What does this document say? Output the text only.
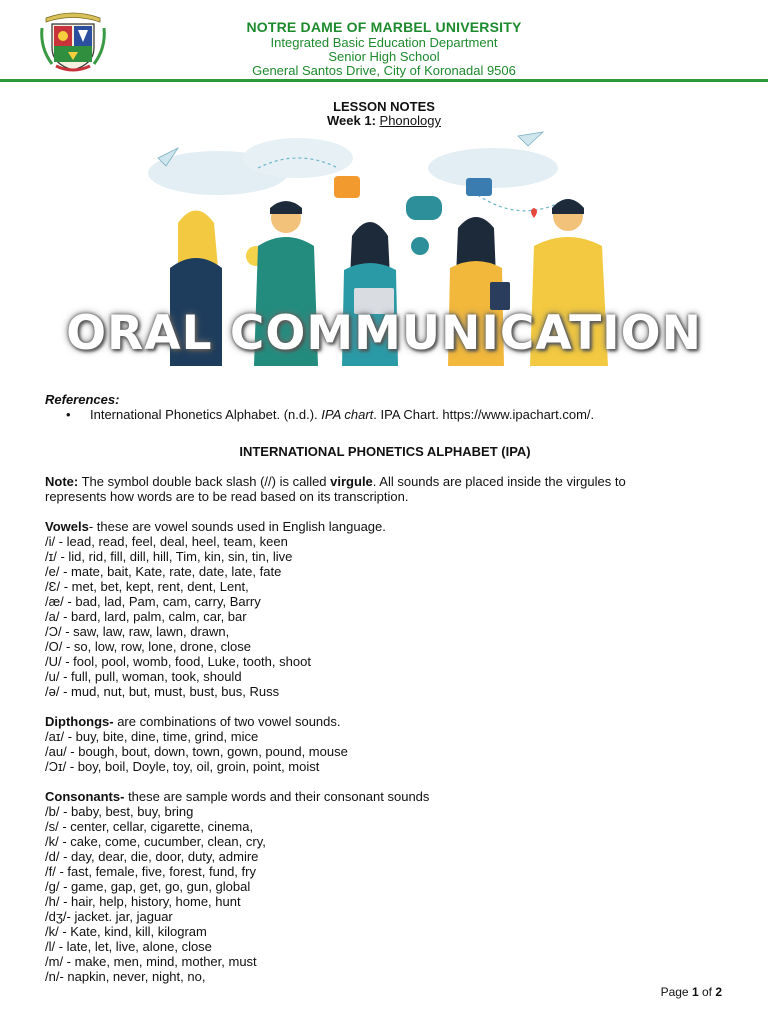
NOTRE DAME OF MARBEL UNIVERSITY
Integrated Basic Education Department
Senior High School
General Santos Drive, City of Koronadal 9506
LESSON NOTES
Week 1: Phonology
ORAL COMMUNICATION
References:
• International Phonetics Alphabet. (n.d.). IPA chart. IPA Chart. https://www.ipachart.com/.
INTERNATIONAL PHONETICS ALPHABET (IPA)
Note: The symbol double back slash (//) is called virgule. All sounds are placed inside the virgules to
represents how words are to be read based on its transcription.
Vowels- these are vowel sounds used in English language.
/i/ - lead, read, feel, deal, heel, team, keen
/ɪ/ - lid, rid, fill, dill, hill, Tim, kin, sin, tin, live
/e/ - mate, bait, Kate, rate, date, late, fate
/Ɛ/ - met, bet, kept, rent, dent, Lent,
/æ/ - bad, lad, Pam, cam, carry, Barry
/a/ - bard, lard, palm, calm, car, bar
/Ɔ/ - saw, law, raw, lawn, drawn,
/O/ - so, low, row, lone, drone, close
/U/ - fool, pool, womb, food, Luke, tooth, shoot
/u/ - full, pull, woman, took, should
/ə/ - mud, nut, but, must, bust, bus, Russ
Dipthongs- are combinations of two vowel sounds.
/aɪ/ - buy, bite, dine, time, grind, mice
/au/ - bough, bout, down, town, gown, pound, mouse
/Ɔɪ/ - boy, boil, Doyle, toy, oil, groin, point, moist
Consonants- these are sample words and their consonant sounds
/b/ - baby, best, buy, bring
/s/ - center, cellar, cigarette, cinema,
/k/ - cake, come, cucumber, clean, cry,
/d/ - day, dear, die, door, duty, admire
/f/ - fast, female, five, forest, fund, fry
/g/ - game, gap, get, go, gun, global
/h/ - hair, help, history, home, hunt
/dʒ/- jacket. jar, jaguar
/k/ - Kate, kind, kill, kilogram
/l/ - late, let, live, alone, close
/m/ - make, men, mind, mother, must
/n/- napkin, never, night, no,
Page 1 of 2
